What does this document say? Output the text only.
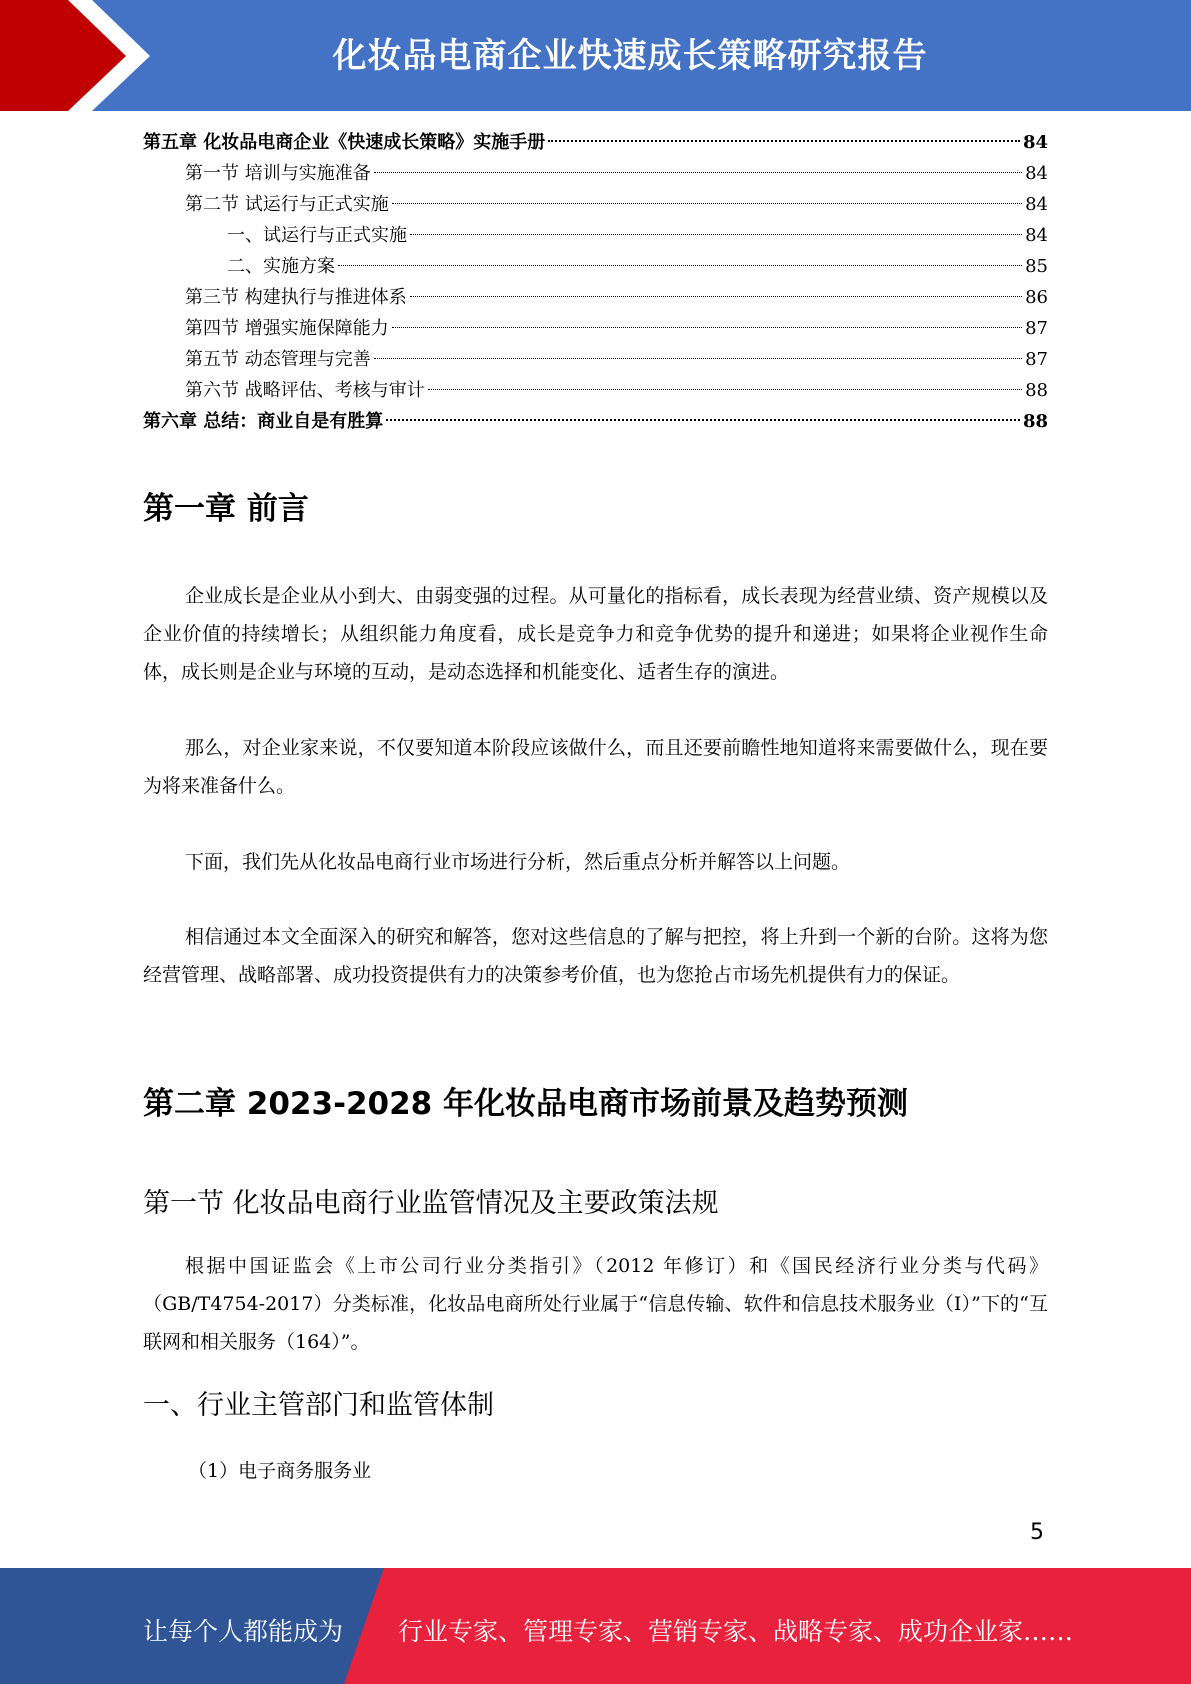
化妆品电商企业快速成长策略研究报告
第五章 化妆品电商企业《快速成长策略》实施手册	84
第一节 培训与实施准备	84
第二节 试运行与正式实施	84
一、试运行与正式实施	84
二、实施方案	85
第三节 构建执行与推进体系	86
第四节 增强实施保障能力	87
第五节 动态管理与完善	87
第六节 战略评估、考核与审计	88
第六章 总结：商业自是有胜算	88
第一章 前言
企业成长是企业从小到大、由弱变强的过程。从可量化的指标看，成长表现为经营业绩、资产规模以及企业价值的持续增长；从组织能力角度看，成长是竞争力和竞争优势的提升和递进；如果将企业视作生命体，成长则是企业与环境的互动，是动态选择和机能变化、适者生存的演进。
那么，对企业家来说，不仅要知道本阶段应该做什么，而且还要前瞻性地知道将来需要做什么，现在要为将来准备什么。
下面，我们先从化妆品电商行业市场进行分析，然后重点分析并解答以上问题。
相信通过本文全面深入的研究和解答，您对这些信息的了解与把控，将上升到一个新的台阶。这将为您经营管理、战略部署、成功投资提供有力的决策参考价值，也为您抢占市场先机提供有力的保证。
第二章 2023-2028 年化妆品电商市场前景及趋势预测
第一节 化妆品电商行业监管情况及主要政策法规
根据中国证监会《上市公司行业分类指引》（2012 年修订）和《国民经济行业分类与代码》（GB/T4754-2017）分类标准，化妆品电商所处行业属于“信息传输、软件和信息技术服务业（I）”下的“互联网和相关服务（164）”。
一、行业主管部门和监管体制
（1）电子商务服务业
5
让每个人都能成为 行业专家、管理专家、营销专家、战略专家、成功企业家……
